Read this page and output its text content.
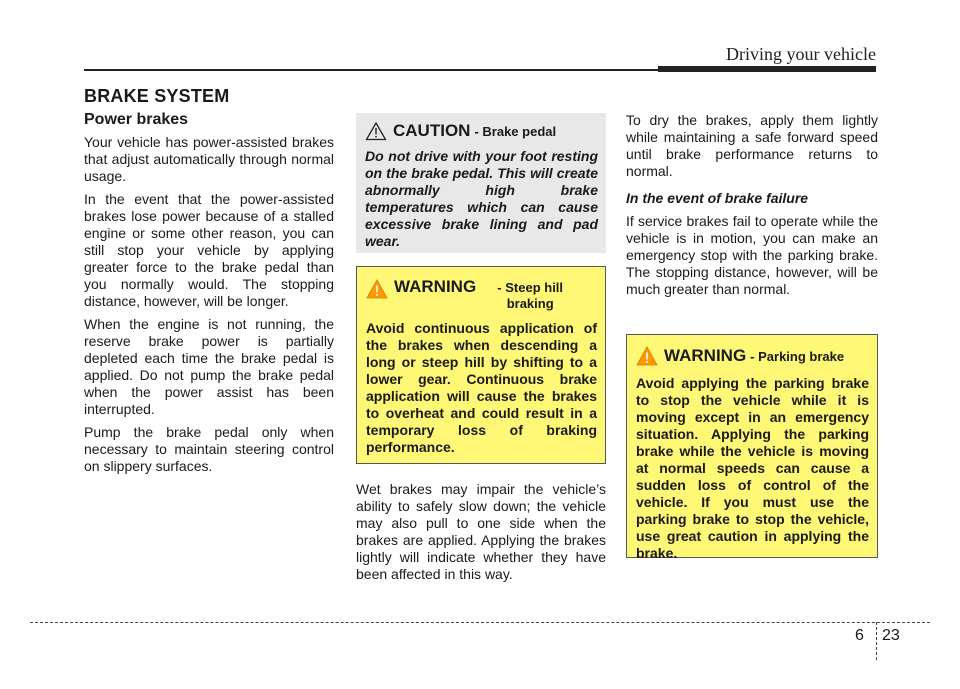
Driving your vehicle
BRAKE SYSTEM
Power brakes

Your vehicle has power-assisted brakes that adjust automatically through normal usage.

In the event that the power-assisted brakes lose power because of a stalled engine or some other reason, you can still stop your vehicle by applying greater force to the brake pedal than you normally would. The stopping distance, however, will be longer.

When the engine is not running, the reserve brake power is partially depleted each time the brake pedal is applied. Do not pump the brake pedal when the power assist has been interrupted.

Pump the brake pedal only when necessary to maintain steering control on slippery surfaces.

CAUTION - Brake pedal
Do not drive with your foot resting on the brake pedal. This will create abnormally high brake temperatures which can cause excessive brake lining and pad wear.
WARNING	- Steep hill braking
Avoid continuous application of the brakes when descending a long or steep hill by shifting to a lower gear. Continuous brake application will cause the brakes to overheat and could result in a temporary loss of braking performance.
Wet brakes may impair the vehicle’s ability to safely slow down; the vehicle may also pull to one side when the brakes are applied. Applying the brakes lightly will indicate whether they have been affected in this way.

To dry the brakes, apply them lightly while maintaining a safe forward speed until brake performance returns to normal.

In the event of brake failure

If service brakes fail to operate while the vehicle is in motion, you can make an emergency stop with the parking brake. The stopping distance, however, will be much greater than normal.

WARNING - Parking brake
Avoid applying the parking brake to stop the vehicle while it is moving except in an emergency situation. Applying the parking brake while the vehicle is moving at normal speeds can cause a sudden loss of control of the vehicle. If you must use the parking brake to stop the vehicle, use great caution in applying the brake.
6 23
